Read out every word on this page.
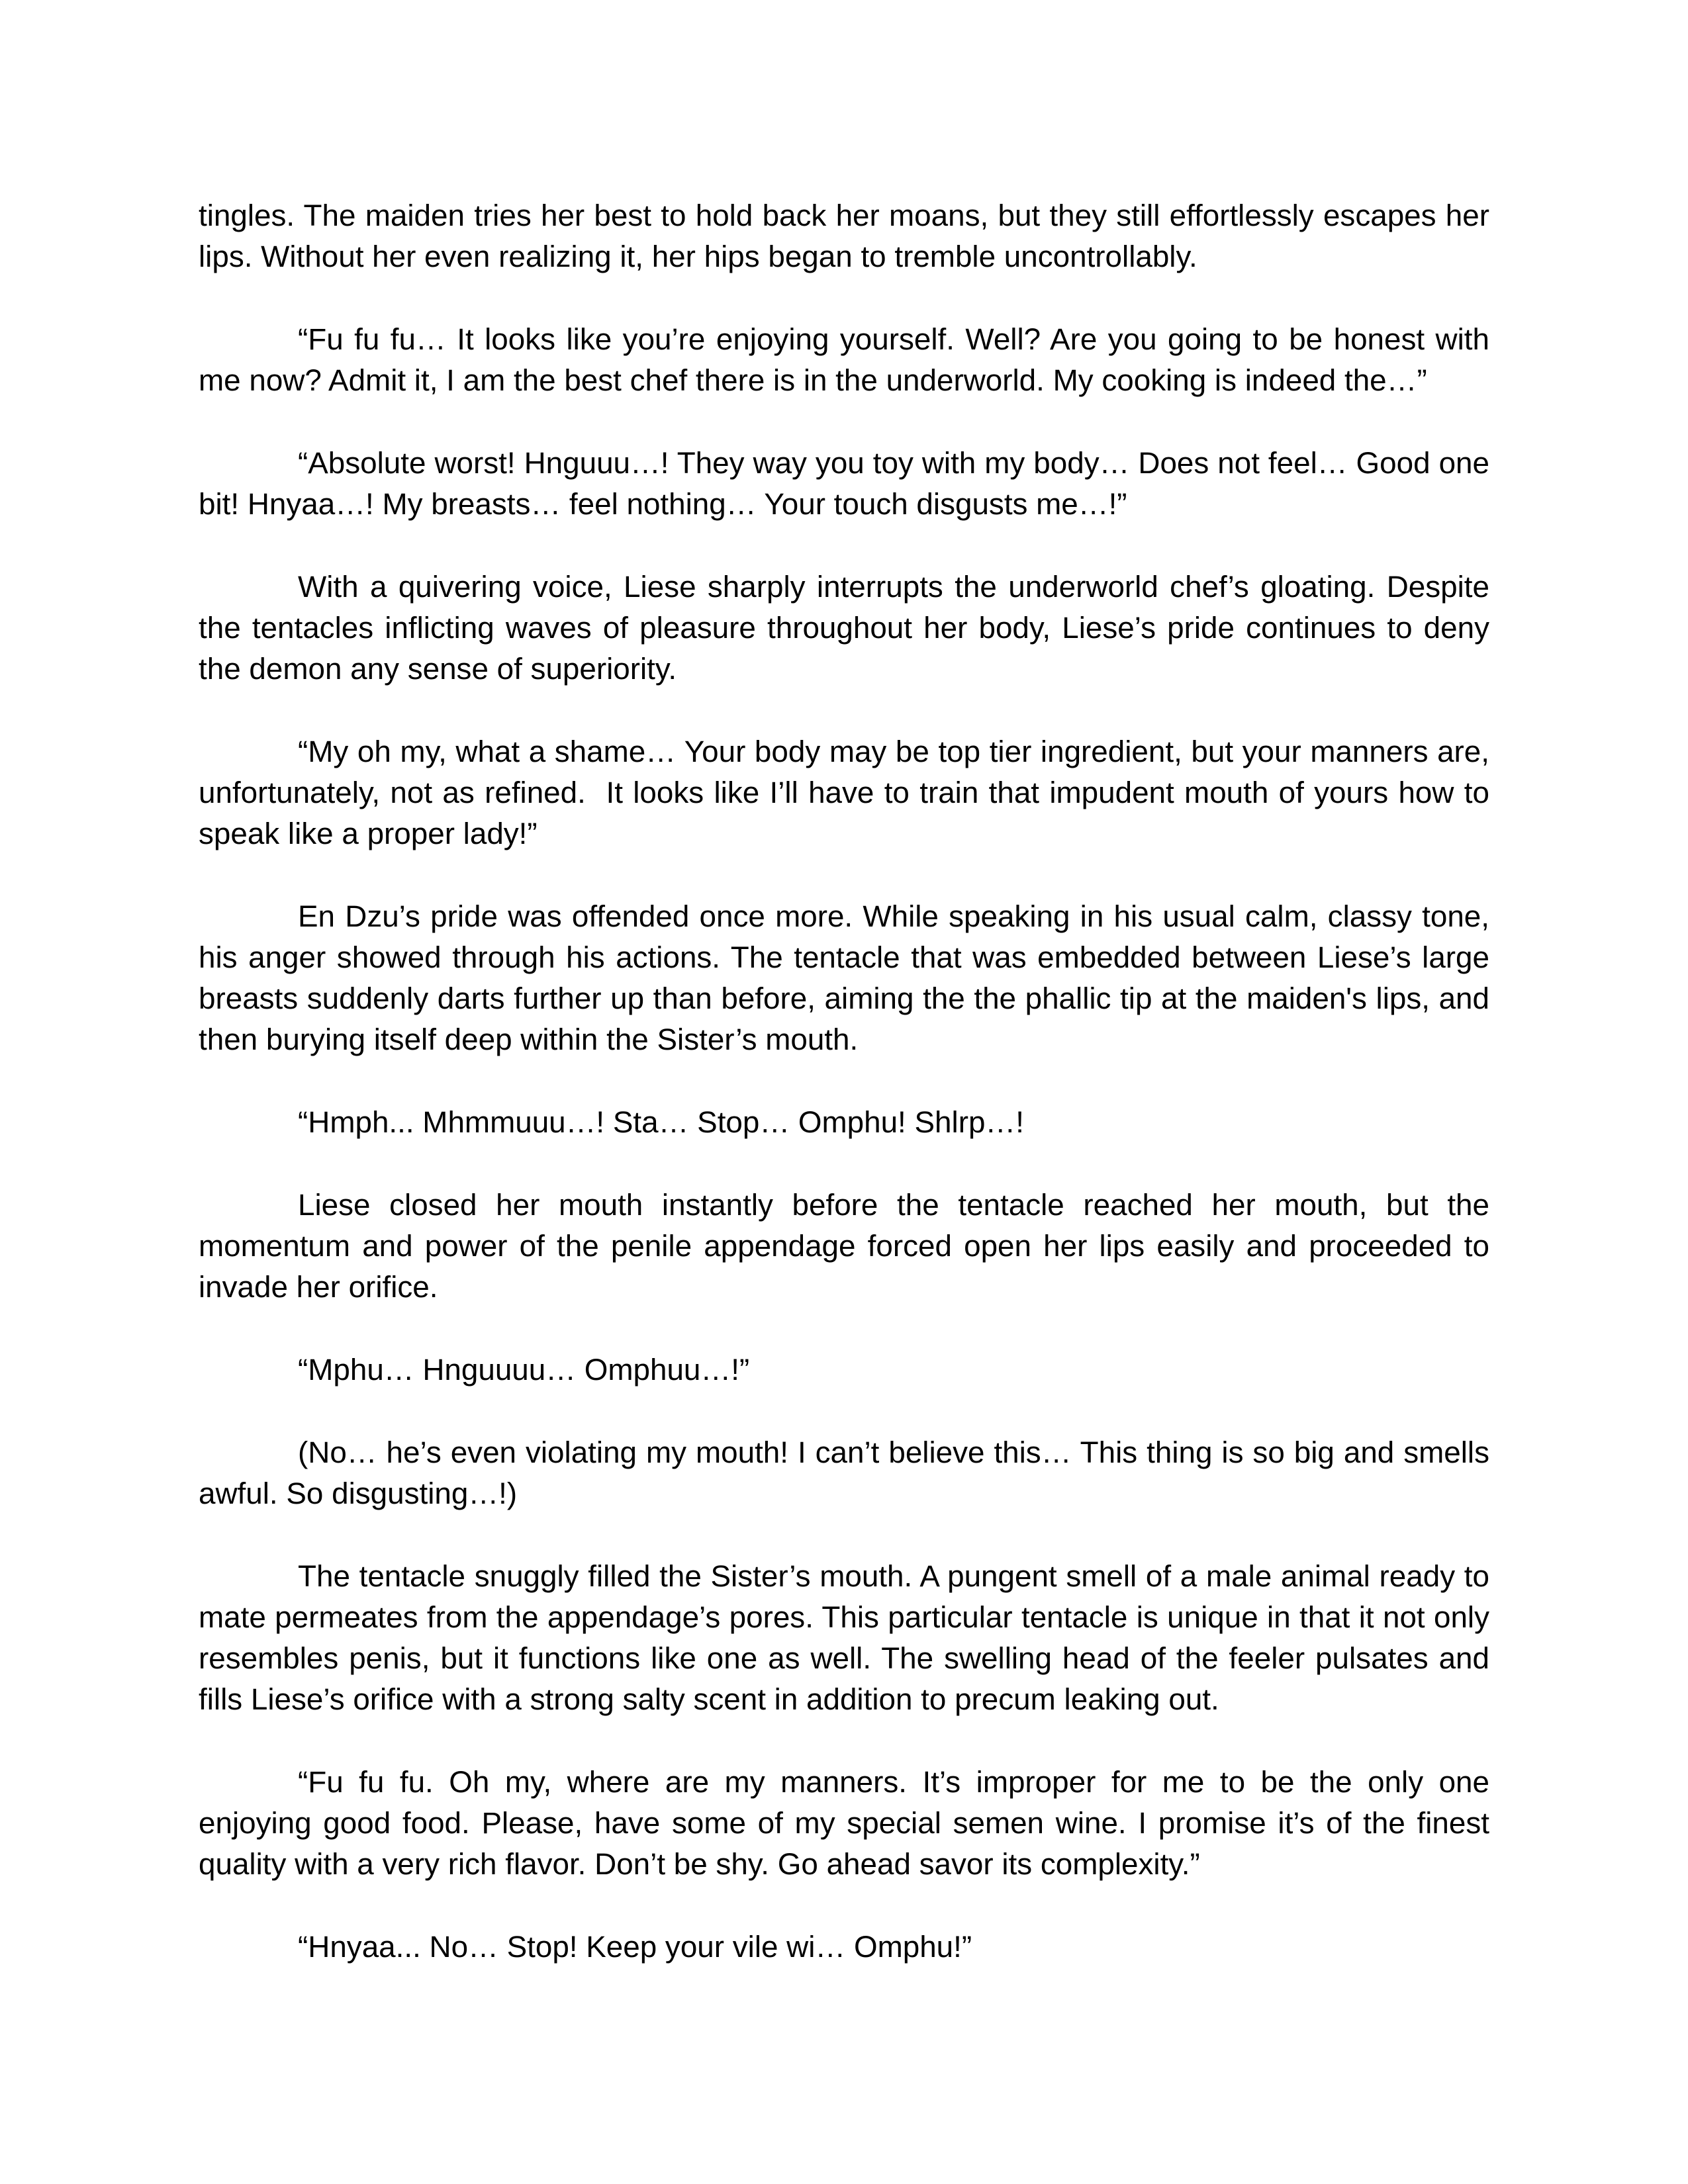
tingles. The maiden tries her best to hold back her moans, but they still effortlessly escapes her lips. Without her even realizing it, her hips began to tremble uncontrollably.

“Fu fu fu… It looks like you’re enjoying yourself. Well? Are you going to be honest with me now? Admit it, I am the best chef there is in the underworld. My cooking is indeed the…”

“Absolute worst! Hnguuu…! They way you toy with my body… Does not feel… Good one bit! Hnyaa…! My breasts… feel nothing… Your touch disgusts me…!”

With a quivering voice, Liese sharply interrupts the underworld chef’s gloating. Despite the tentacles inflicting waves of pleasure throughout her body, Liese’s pride continues to deny the demon any sense of superiority.

“My oh my, what a shame… Your body may be top tier ingredient, but your manners are, unfortunately, not as refined.  It looks like I’ll have to train that impudent mouth of yours how to speak like a proper lady!”

En Dzu’s pride was offended once more. While speaking in his usual calm, classy tone, his anger showed through his actions. The tentacle that was embedded between Liese’s large breasts suddenly darts further up than before, aiming the the phallic tip at the maiden's lips, and then burying itself deep within the Sister’s mouth.

“Hmph... Mhmmuuu…! Sta… Stop… Omphu! Shlrp…!

Liese closed her mouth instantly before the tentacle reached her mouth, but the momentum and power of the penile appendage forced open her lips easily and proceeded to invade her orifice.

“Mphu… Hnguuuu… Omphuu…!”

(No… he’s even violating my mouth! I can’t believe this… This thing is so big and smells awful. So disgusting…!)

The tentacle snuggly filled the Sister’s mouth. A pungent smell of a male animal ready to mate permeates from the appendage’s pores. This particular tentacle is unique in that it not only resembles penis, but it functions like one as well. The swelling head of the feeler pulsates and fills Liese’s orifice with a strong salty scent in addition to precum leaking out.

“Fu fu fu. Oh my, where are my manners. It’s improper for me to be the only one enjoying good food. Please, have some of my special semen wine. I promise it’s of the finest quality with a very rich flavor. Don’t be shy. Go ahead savor its complexity.”

“Hnyaa... No… Stop! Keep your vile wi… Omphu!”
